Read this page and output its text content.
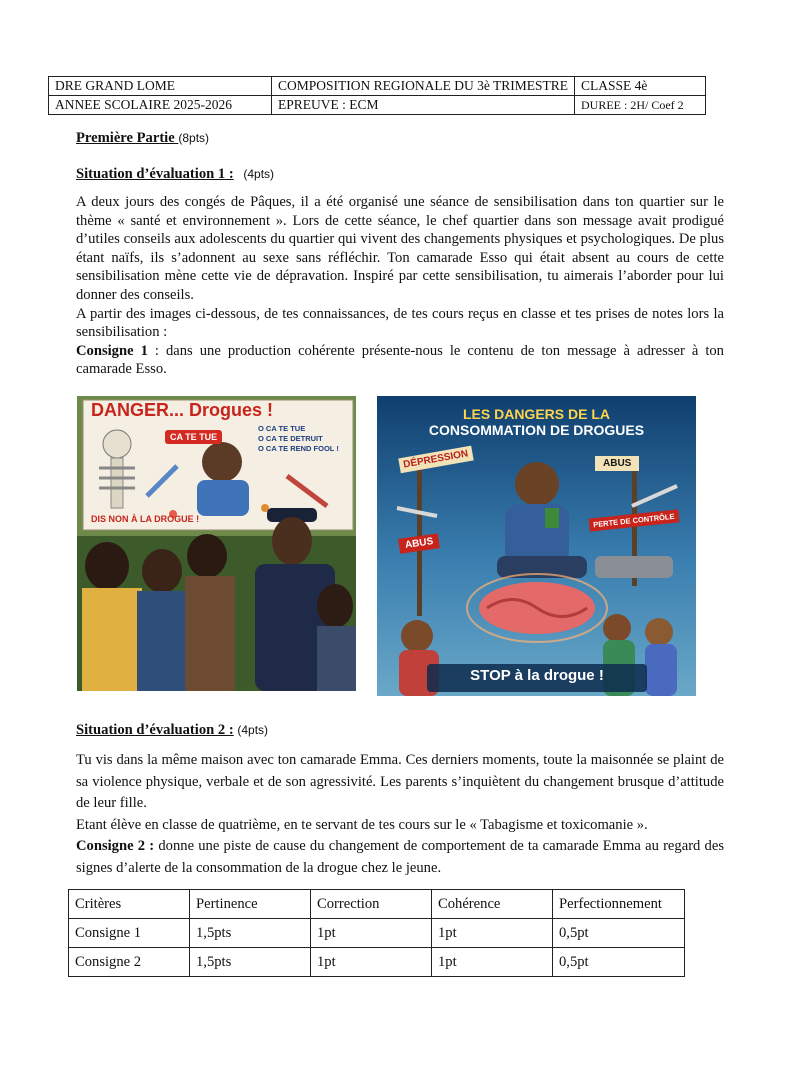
DRE GRAND LOME	COMPOSITION REGIONALE DU 3è TRIMESTRE	CLASSE 4è
ANNEE SCOLAIRE 2025-2026	EPREUVE : ECM	DUREE : 2H/ Coef 2
Première Partie (8pts)
Situation d’évaluation 1 : (4pts)

A deux jours des congés de Pâques, il a été organisé une séance de sensibilisation dans ton quartier sur le thème « santé et environnement ». Lors de cette séance, le chef quartier dans son message avait prodigué d’utiles conseils aux adolescents du quartier qui vivent des changements physiques et psychologiques. De plus étant naïfs, ils s’adonnent au sexe sans réfléchir. Ton camarade Esso qui était absent au cours de cette sensibilisation mène cette vie de dépravation. Inspiré par cette sensibilisation, tu aimerais l’aborder pour lui donner des conseils.

A partir des images ci-dessous, de tes connaissances, de tes cours reçus en classe et tes prises de notes lors la sensibilisation :

Consigne 1 : dans une production cohérente présente-nous le contenu de ton message à adresser à ton camarade Esso.

DANGER... Drogues !
CA TE TUE
O CA TE TUE
O CA TE DETRUIT
O CA TE REND FOOL !
DIS NON À LA DROGUE !
LES DANGERS DE LA
CONSOMMATION DE DROGUES
DÉPRESSION	ABUS
PERTE DE CONTRÔLE
ABUS
STOP à la drogue !
Situation d’évaluation 2 : (4pts)

Tu vis dans la même maison avec ton camarade Emma. Ces derniers moments, toute la maisonnée se plaint de sa violence physique, verbale et de son agressivité. Les parents s’inquiètent du changement brusque d’attitude de leur fille.

Etant élève en classe de quatrième, en te servant de tes cours sur le « Tabagisme et toxicomanie ».

Consigne 2 : donne une piste de cause du changement de comportement de ta camarade Emma au regard des signes d’alerte de la consommation de la drogue chez le jeune.

Critères	Pertinence	Correction	Cohérence	Perfectionnement
Consigne 1	1,5pts	1pt	1pt	0,5pt
Consigne 2	1,5pts	1pt	1pt	0,5pt
